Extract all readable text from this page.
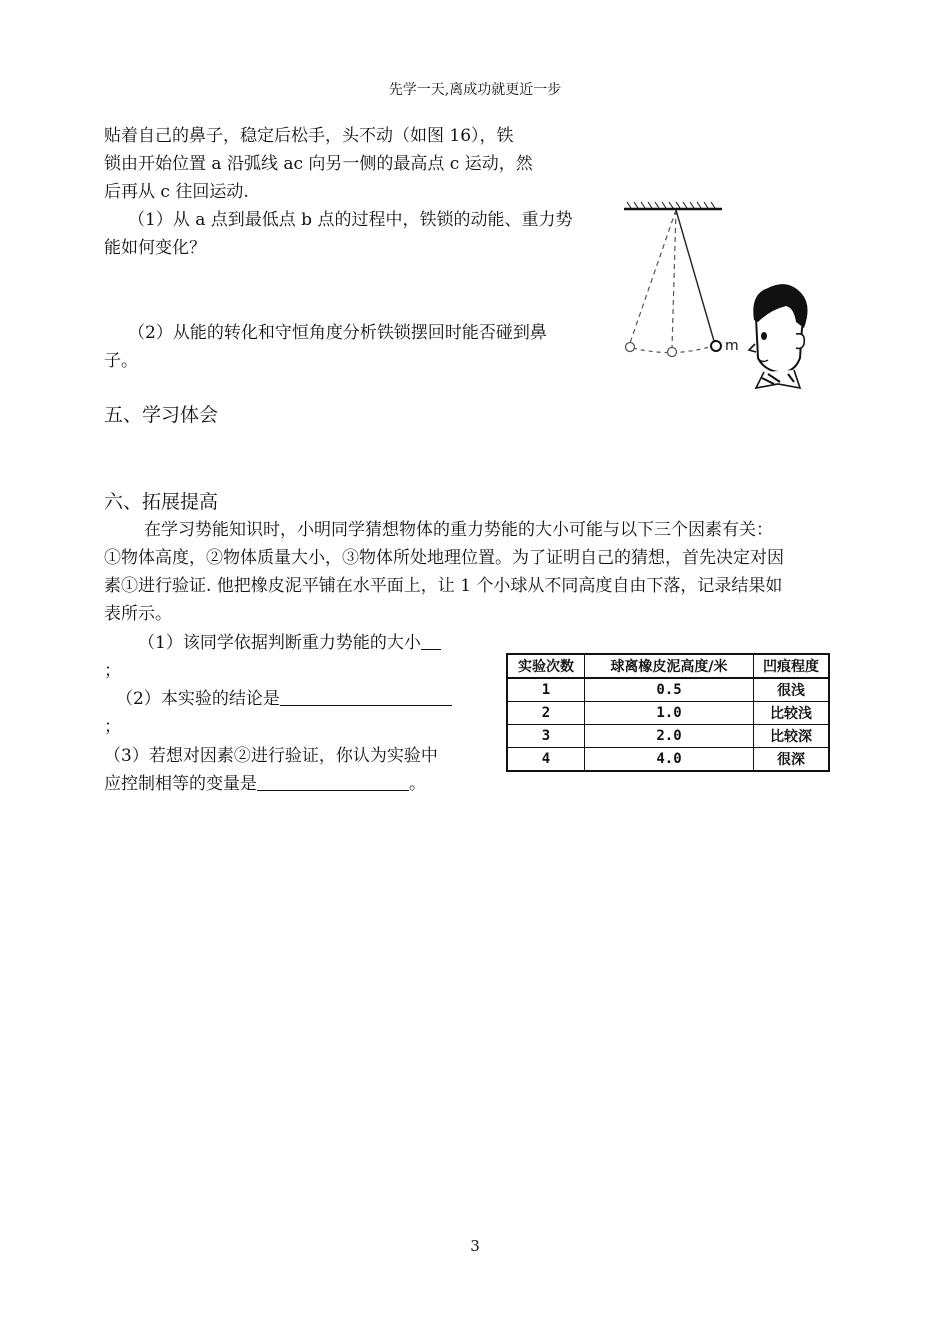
先学一天,离成功就更近一步
贴着自己的鼻子，稳定后松手，头不动（如图 16），铁
锁由开始位置 a 沿弧线 ac 向另一侧的最高点 c 运动，然
后再从 c 往回运动.
（1）从 a 点到最低点 b 点的过程中，铁锁的动能、重力势
能如何变化？
（2）从能的转化和守恒角度分析铁锁摆回时能否碰到鼻
子。
m
五、学习体会
六、拓展提高
在学习势能知识时，小明同学猜想物体的重力势能的大小可能与以下三个因素有关：
①物体高度，②物体质量大小，③物体所处地理位置。为了证明自己的猜想，首先决定对因
素①进行验证. 他把橡皮泥平铺在水平面上，让 1 个小球从不同高度自由下落，记录结果如
表所示。
（1）该同学依据判断重力势能的大小
；
（2）本实验的结论是
；
（3）若想对因素②进行验证，你认为实验中
应控制相等的变量是	。
实验次数	球离橡皮泥高度/米	凹痕程度
1	0.5	很浅
2	1.0	比较浅
3	2.0	比较深
4	4.0	很深
3
